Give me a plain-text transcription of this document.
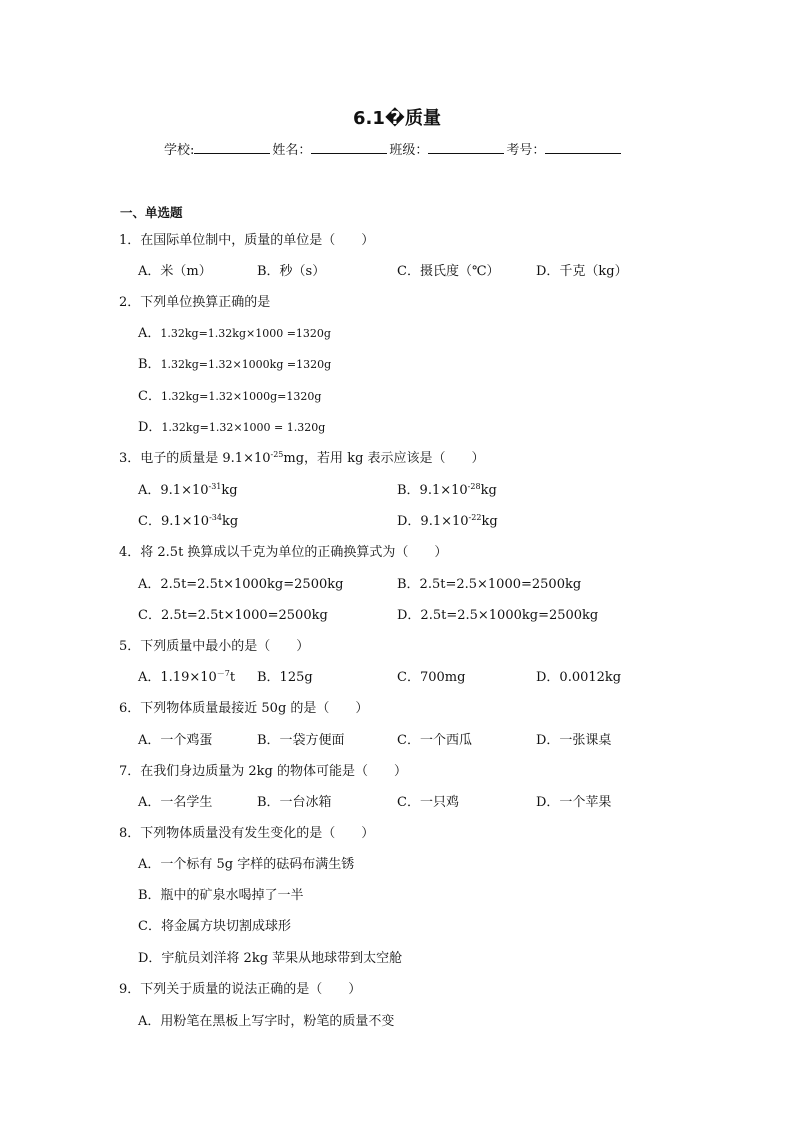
6.1�质量
学校:	姓名：	班级：	考号：
一、单选题
1．在国际单位制中，质量的单位是（　　）
A．米（m）	B．秒（s）	C．摄氏度（℃）	D．千克（kg）
2．下列单位换算正确的是
A．1.32kg=1.32kg×1000 =1320g
B．1.32kg=1.32×1000kg =1320g
C．1.32kg=1.32×1000g=1320g
D．1.32kg=1.32×1000 = 1.320g
3．电子的质量是 $9.1\times 10^{-25}mg$，若用 kg 表示应该是（　　）
A．$9.1\times 10^{-31}kg$	B．$9.1\times 10^{-28}kg$
C．$9.1\times 10^{-34}kg$	D．$9.1\times 10^{-22}kg$
4．将 2.5t 换算成以千克为单位的正确换算式为（　　）
A．2.5t=2.5t×1000kg=2500kg	B．2.5t=2.5×1000=2500kg
C．2.5t=2.5t×1000=2500kg	D．2.5t=2.5×1000kg=2500kg
5．下列质量中最小的是（　　）
A．$1.19\times 10^{-7}t$ B．125g	C．700mg	D．0.0012kg
6．下列物体质量最接近 50g 的是（　　）
A．一个鸡蛋	B．一袋方便面	C．一个西瓜	D．一张课桌
7．在我们身边质量为 2kg 的物体可能是（　　）
A．一名学生	B．一台冰箱	C．一只鸡	D．一个苹果
8．下列物体质量没有发生变化的是（　　）
A．一个标有 5g 字样的砝码布满生锈
B．瓶中的矿泉水喝掉了一半
C．将金属方块切割成球形
D．宇航员刘洋将 2kg 苹果从地球带到太空舱
9．下列关于质量的说法正确的是（　　）
A．用粉笔在黑板上写字时，粉笔的质量不变
